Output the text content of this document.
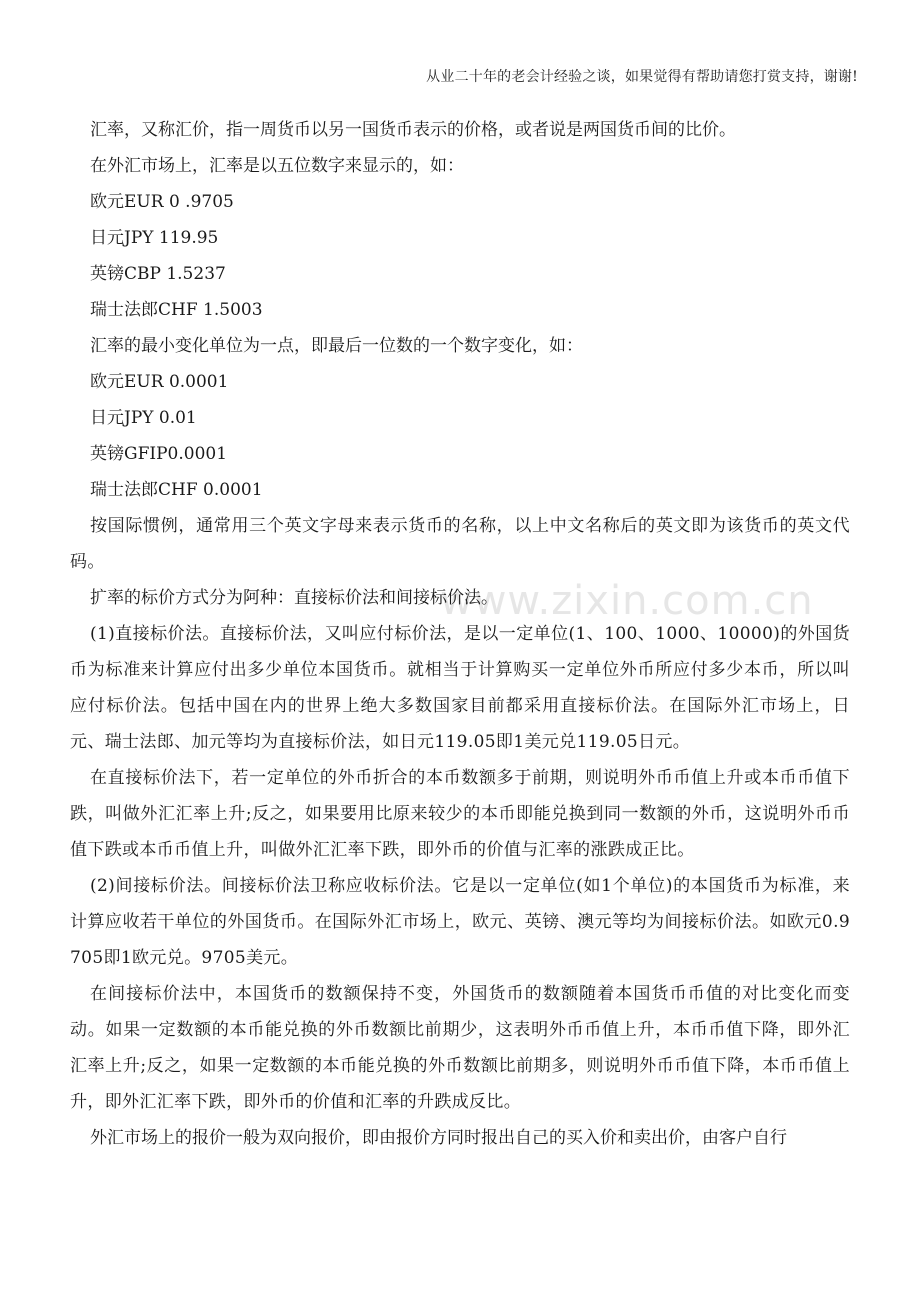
从业二十年的老会计经验之谈，如果觉得有帮助请您打赏支持，谢谢!
www.zixin.com.cn

汇率，又称汇价，指一周货币以另一国货币表示的价格，或者说是两国货币间的比价。

在外汇市场上，汇率是以五位数字来显示的，如：

欧元EUR 0 .9705

日元JPY 119.95

英镑CBP 1.5237

瑞士法郎CHF 1.5003

汇率的最小变化单位为一点，即最后一位数的一个数字变化，如：

欧元EUR 0.0001

日元JPY 0.01

英镑GFIP0.0001

瑞士法郎CHF 0.0001

按国际惯例，通常用三个英文字母来表示货币的名称，以上中文名称后的英文即为该货币的英文代码。

扩率的标价方式分为阿种：直接标价法和间接标价法。

(1)直接标价法。直接标价法，又叫应付标价法，是以一定单位(1、100、1000、10000)的外国货币为标准来计算应付出多少单位本国货币。就相当于计算购买一定单位外币所应付多少本币，所以叫应付标价法。包括中国在内的世界上绝大多数国家目前都采用直接标价法。在国际外汇市场上，日元、瑞士法郎、加元等均为直接标价法，如日元119.05即1美元兑119.05日元。

在直接标价法下，若一定单位的外币折合的本币数额多于前期，则说明外币币值上升或本币币值下跌，叫做外汇汇率上升;反之，如果要用比原来较少的本币即能兑换到同一数额的外币，这说明外币币值下跌或本币币值上升，叫做外汇汇率下跌，即外币的价值与汇率的涨跌成正比。

(2)间接标价法。间接标价法卫称应收标价法。它是以一定单位(如1个单位)的本国货币为标准，来计算应收若干单位的外国货币。在国际外汇市场上，欧元、英镑、澳元等均为间接标价法。如欧元0.9705即1欧元兑。9705美元。

在间接标价法中，本国货币的数额保持不变，外国货币的数额随着本国货币币值的对比变化而变动。如果一定数额的本币能兑换的外币数额比前期少，这表明外币币值上升，本币币值下降，即外汇汇率上升;反之，如果一定数额的本币能兑换的外币数额比前期多，则说明外币币值下降，本币币值上升，即外汇汇率下跌，即外币的价值和汇率的升跌成反比。

外汇市场上的报价一般为双向报价，即由报价方同时报出自己的买入价和卖出价，由客户自行
